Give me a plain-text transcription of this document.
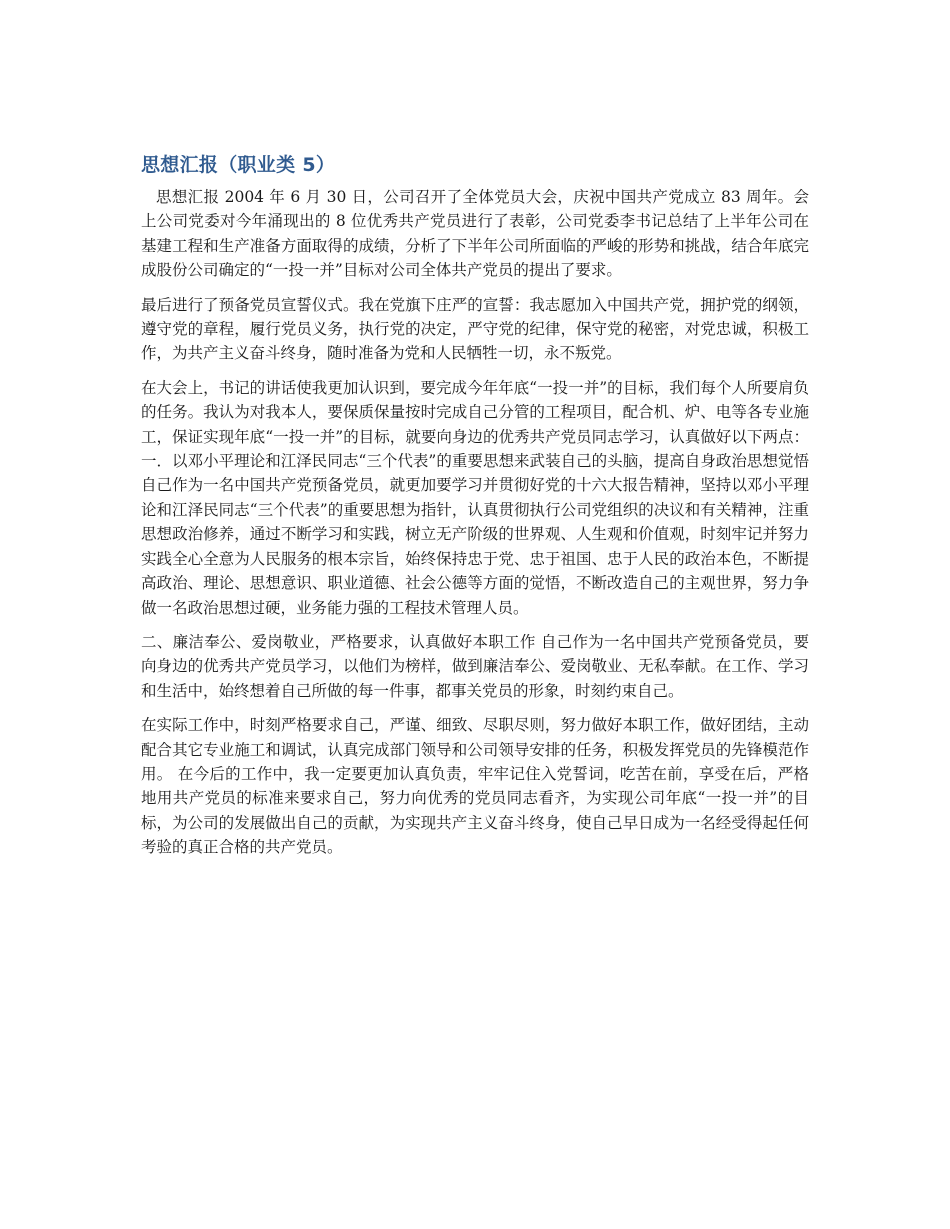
思想汇报（职业类 5）

思想汇报 2004 年 6 月 30 日，公司召开了全体党员大会，庆祝中国共产党成立 83 周年。会上公司党委对今年涌现出的 8 位优秀共产党员进行了表彰，公司党委李书记总结了上半年公司在基建工程和生产准备方面取得的成绩，分析了下半年公司所面临的严峻的形势和挑战，结合年底完成股份公司确定的“一投一并”目标对公司全体共产党员的提出了要求。

最后进行了预备党员宣誓仪式。我在党旗下庄严的宣誓：我志愿加入中国共产党，拥护党的纲领，遵守党的章程，履行党员义务，执行党的决定，严守党的纪律，保守党的秘密，对党忠诚，积极工作，为共产主义奋斗终身，随时准备为党和人民牺牲一切，永不叛党。

在大会上，书记的讲话使我更加认识到，要完成今年年底“一投一并”的目标，我们每个人所要肩负的任务。我认为对我本人，要保质保量按时完成自己分管的工程项目，配合机、炉、电等各专业施工，保证实现年底“一投一并”的目标，就要向身边的优秀共产党员同志学习，认真做好以下两点： 一．以邓小平理论和江泽民同志“三个代表”的重要思想来武装自己的头脑，提高自身政治思想觉悟 自己作为一名中国共产党预备党员，就更加要学习并贯彻好党的十六大报告精神，坚持以邓小平理论和江泽民同志“三个代表”的重要思想为指针，认真贯彻执行公司党组织的决议和有关精神，注重思想政治修养，通过不断学习和实践，树立无产阶级的世界观、人生观和价值观，时刻牢记并努力实践全心全意为人民服务的根本宗旨，始终保持忠于党、忠于祖国、忠于人民的政治本色，不断提高政治、理论、思想意识、职业道德、社会公德等方面的觉悟，不断改造自己的主观世界，努力争做一名政治思想过硬，业务能力强的工程技术管理人员。

二、廉洁奉公、爱岗敬业，严格要求，认真做好本职工作 自己作为一名中国共产党预备党员，要向身边的优秀共产党员学习，以他们为榜样，做到廉洁奉公、爱岗敬业、无私奉献。在工作、学习和生活中，始终想着自己所做的每一件事，都事关党员的形象，时刻约束自己。

在实际工作中，时刻严格要求自己，严谨、细致、尽职尽则，努力做好本职工作，做好团结，主动配合其它专业施工和调试，认真完成部门领导和公司领导安排的任务，积极发挥党员的先锋模范作用。 在今后的工作中，我一定要更加认真负责，牢牢记住入党誓词，吃苦在前，享受在后，严格地用共产党员的标准来要求自己，努力向优秀的党员同志看齐，为实现公司年底“一投一并”的目标，为公司的发展做出自己的贡献，为实现共产主义奋斗终身，使自己早日成为一名经受得起任何考验的真正合格的共产党员。
